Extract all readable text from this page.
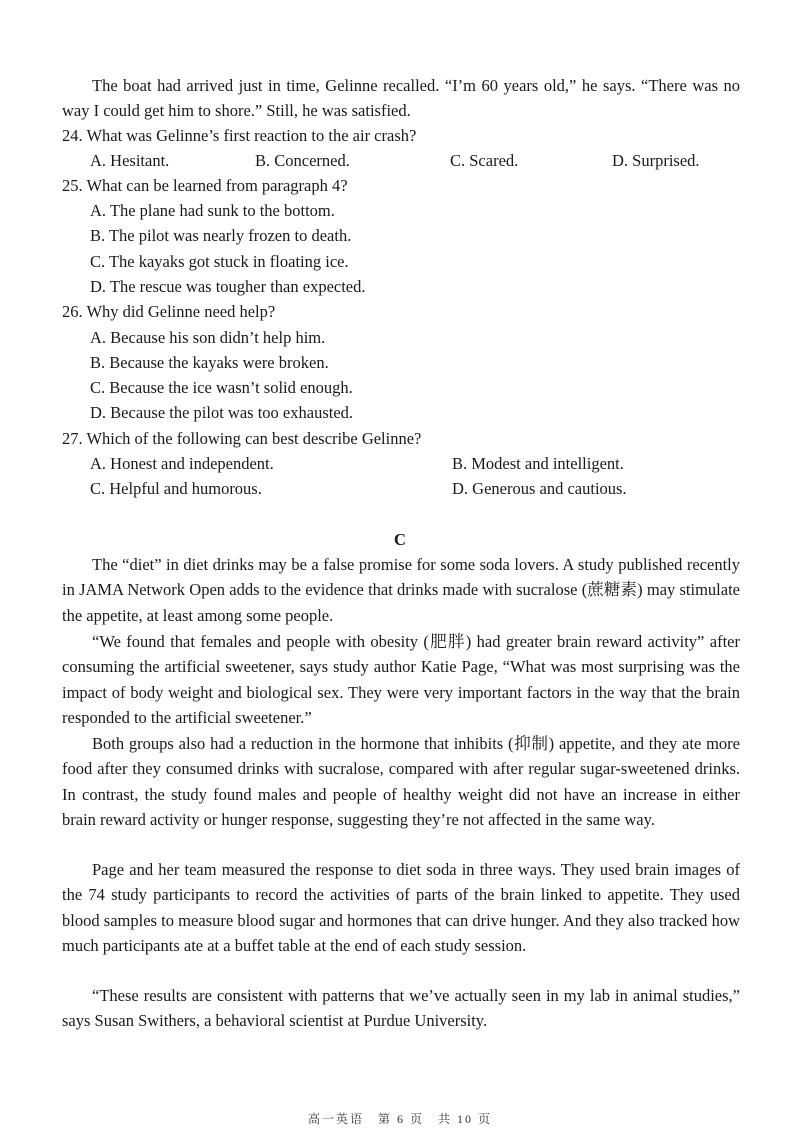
The boat had arrived just in time, Gelinne recalled. “I’m 60 years old,” he says. “There was no way I could get him to shore.” Still, he was satisfied.

24. What was Gelinne’s first reaction to the air crash?

A. Hesitant.	B. Concerned.	C. Scared.	D. Surprised.

25. What can be learned from paragraph 4?

A. The plane had sunk to the bottom.
B. The pilot was nearly frozen to death.
C. The kayaks got stuck in floating ice.
D. The rescue was tougher than expected.

26. Why did Gelinne need help?

A. Because his son didn’t help him.
B. Because the kayaks were broken.
C. Because the ice wasn’t solid enough.
D. Because the pilot was too exhausted.

27. Which of the following can best describe Gelinne?

A. Honest and independent.	B. Modest and intelligent.
C. Helpful and humorous.	D. Generous and cautious.
C

The “diet” in diet drinks may be a false promise for some soda lovers. A study published recently in JAMA Network Open adds to the evidence that drinks made with sucralose (蔗糖素) may stimulate the appetite, at least among some people.

“We found that females and people with obesity (肥胖) had greater brain reward activity” after consuming the artificial sweetener, says study author Katie Page, “What was most surprising was the impact of body weight and biological sex. They were very important factors in the way that the brain responded to the artificial sweetener.”

Both groups also had a reduction in the hormone that inhibits (抑制) appetite, and they ate more food after they consumed drinks with sucralose, compared with after regular sugar-sweetened drinks. In contrast, the study found males and people of healthy weight did not have an increase in either brain reward activity or hunger response, suggesting they’re not affected in the same way.

Page and her team measured the response to diet soda in three ways. They used brain images of the 74 study participants to record the activities of parts of the brain linked to appetite. They used blood samples to measure blood sugar and hormones that can drive hunger. And they also tracked how much participants ate at a buffet table at the end of each study session.

“These results are consistent with patterns that we’ve actually seen in my lab in animal studies,” says Susan Swithers, a behavioral scientist at Purdue University.

高一英语　第 6 页　共 10 页
